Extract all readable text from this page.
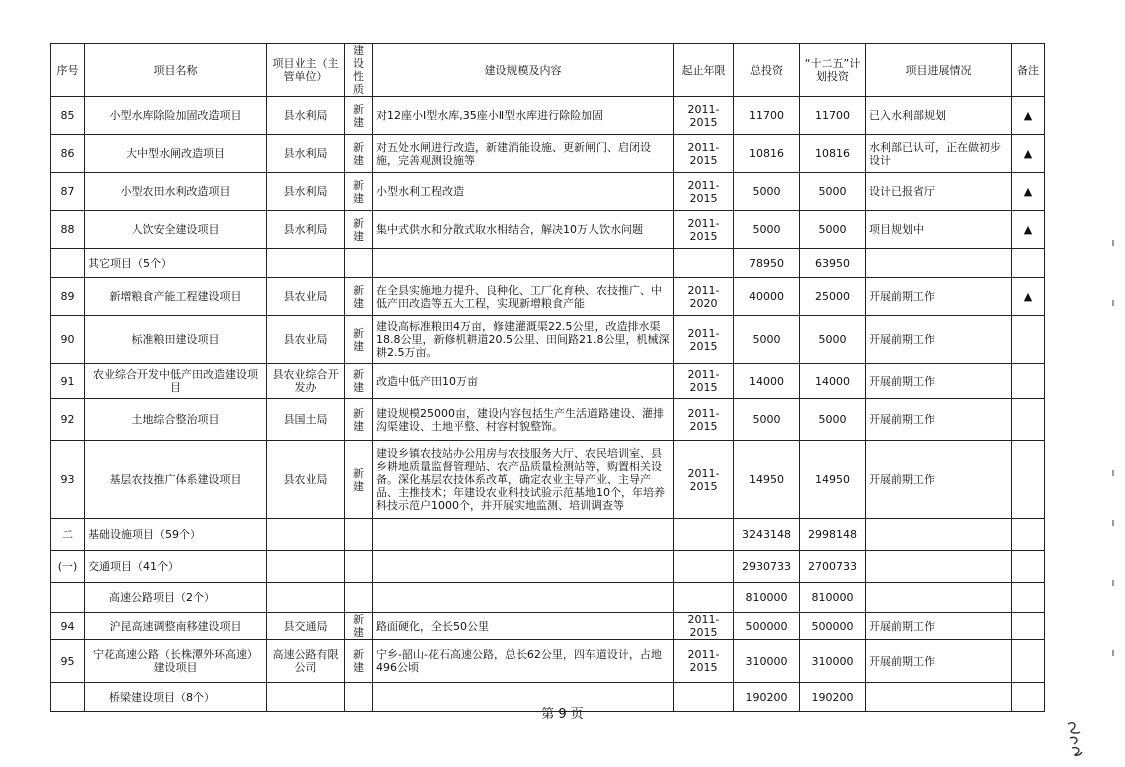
序号	项目名称	项目业主（主管单位）	建设性质	建设规模及内容	起止年限	总投资	“十二五”计划投资	项目进展情况	备注
85	小型水库除险加固改造项目	县水利局	新建	对12座小Ⅰ型水库,35座小Ⅱ型水库进行除险加固	2011-2015	11700	11700	已入水利部规划	▲
86	大中型水闸改造项目	县水利局	新建	对五处水闸进行改造，新建消能设施、更新闸门、启闭设施，完善观测设施等	2011-2015	10816	10816	水利部已认可，正在做初步设计	▲
87	小型农田水利改造项目	县水利局	新建	小型水利工程改造	2011-2015	5000	5000	设计已报省厅	▲
88	人饮安全建设项目	县水利局	新建	集中式供水和分散式取水相结合，解决10万人饮水问题	2011-2015	5000	5000	项目规划中	▲
	其它项目（5个）					78950	63950		
89	新增粮食产能工程建设项目	县农业局	新建	在全县实施地力提升、良种化、工厂化育秧、农技推广、中低产田改造等五大工程，实现新增粮食产能	2011-2020	40000	25000	开展前期工作	▲
90	标准粮田建设项目	县农业局	新建	建设高标准粮田4万亩，修建灌溉渠22.5公里，改造排水渠18.8公里，新修机耕道20.5公里、田间路21.8公里，机械深耕2.5万亩。	2011-2015	5000	5000	开展前期工作	
91	农业综合开发中低产田改造建设项目	县农业综合开发办	新建	改造中低产田10万亩	2011-2015	14000	14000	开展前期工作	
92	土地综合整治项目	县国土局	新建	建设规模25000亩，建设内容包括生产生活道路建设、灌排沟渠建设、土地平整、村容村貌整饰。	2011-2015	5000	5000	开展前期工作	
93	基层农技推广体系建设项目	县农业局	新建	建设乡镇农技站办公用房与农技服务大厅、农民培训室、县乡耕地质量监督管理站、农产品质量检测站等，购置相关设备。深化基层农技体系改革，确定农业主导产业、主导产品、主推技术；年建设农业科技试验示范基地10个，年培养科技示范户1000个，并开展实地监测、培训调查等	2011-2015	14950	14950	开展前期工作	
二	基础设施项目（59个）					3243148	2998148		
(一)	交通项目（41个）					2930733	2700733		
	高速公路项目（2个）					810000	810000		
94	沪昆高速调整南移建设项目	县交通局	新建	路面硬化，全长50公里	2011-2015	500000	500000	开展前期工作	
95	宁花高速公路（长株潭外环高速）建设项目	高速公路有限公司	新建	宁乡-韶山-花石高速公路，总长62公里，四车道设计，占地496公顷	2011-2015	310000	310000	开展前期工作	
	桥梁建设项目（8个）					190200	190200		
第 9 页
